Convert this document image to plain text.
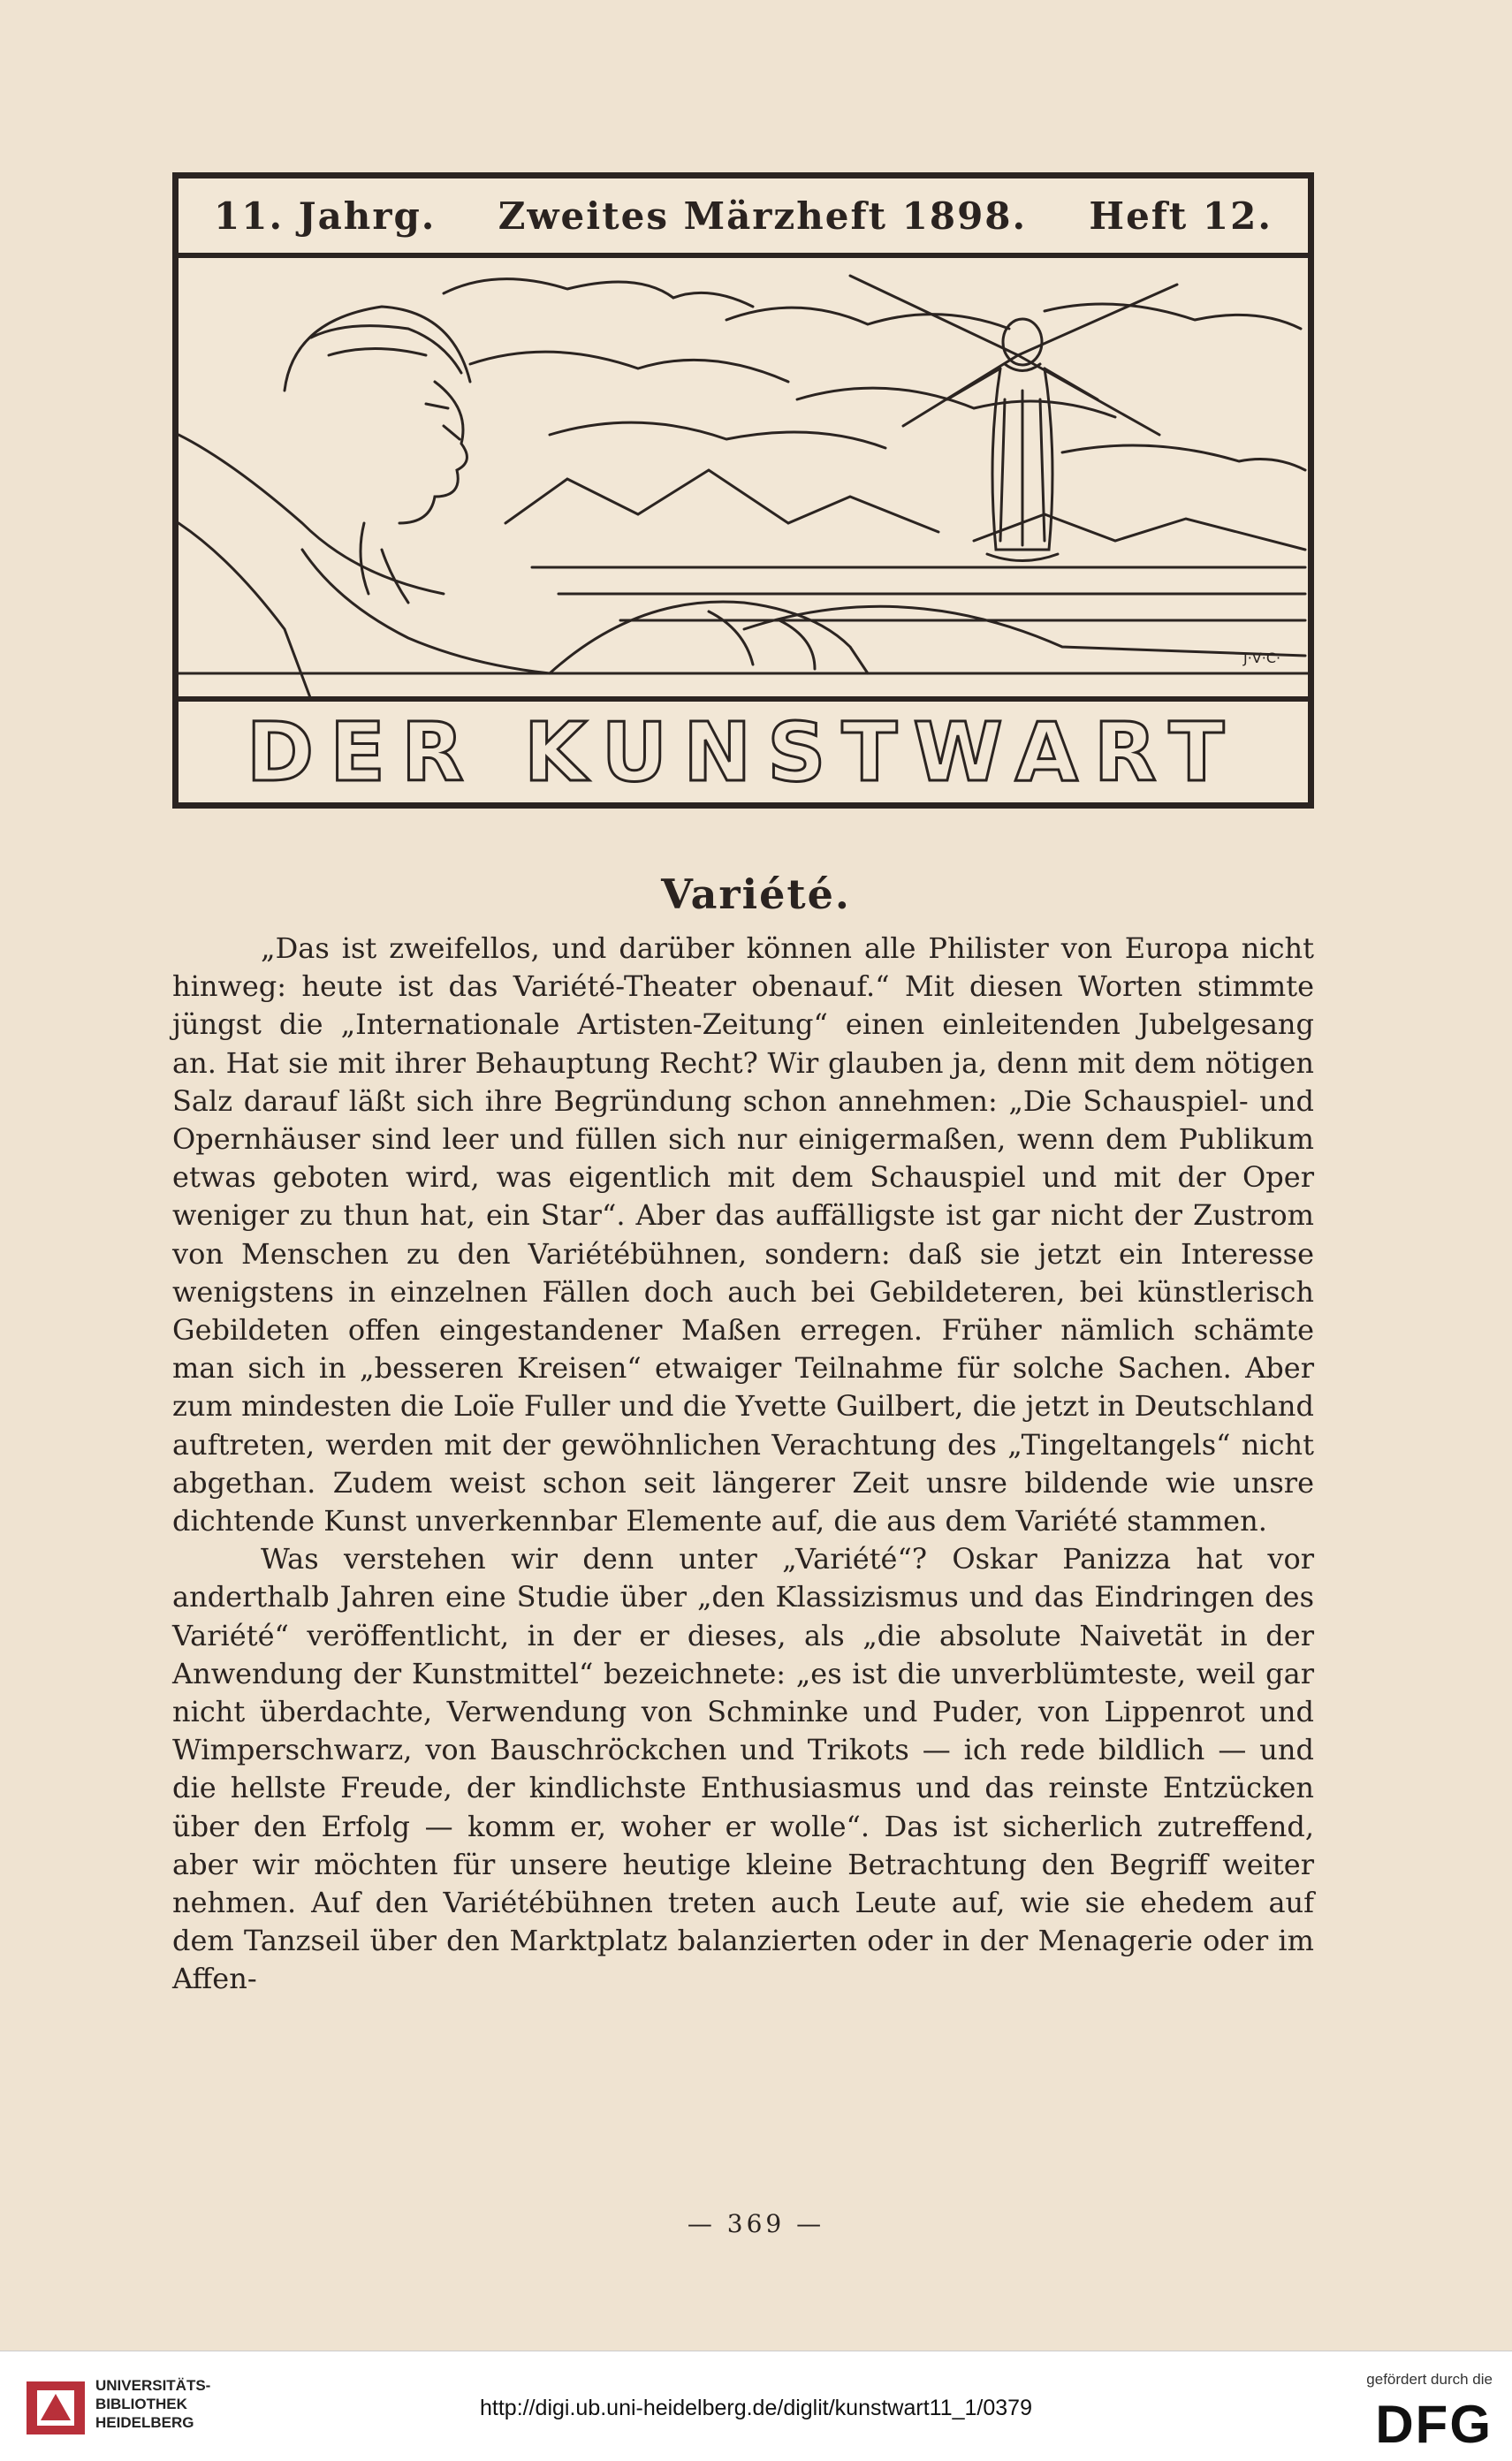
11. Jahrg. Zweites Märzheft 1898. Heft 12.
J·V·C·
DER KUNSTWART
Variété.

„Das ist zweifellos, und darüber können alle Philister von Europa nicht hinweg: heute ist das Variété-Theater obenauf.“ Mit diesen Worten stimmte jüngst die „Internationale Artisten-Zeitung“ einen einleitenden Jubelgesang an. Hat sie mit ihrer Behauptung Recht? Wir glauben ja, denn mit dem nötigen Salz darauf läßt sich ihre Begründung schon annehmen: „Die Schauspiel- und Opernhäuser sind leer und füllen sich nur einigermaßen, wenn dem Publikum etwas geboten wird, was eigentlich mit dem Schauspiel und mit der Oper weniger zu thun hat, ein Star“. Aber das auffälligste ist gar nicht der Zustrom von Menschen zu den Variétébühnen, sondern: daß sie jetzt ein Interesse wenigstens in einzelnen Fällen doch auch bei Gebildeteren, bei künstlerisch Gebildeten offen eingestandener Maßen erregen. Früher nämlich schämte man sich in „besseren Kreisen“ etwaiger Teilnahme für solche Sachen. Aber zum mindesten die Loïe Fuller und die Yvette Guilbert, die jetzt in Deutschland auftreten, werden mit der gewöhnlichen Verachtung des „Tingeltangels“ nicht abgethan. Zudem weist schon seit längerer Zeit unsre bildende wie unsre dichtende Kunst unverkennbar Elemente auf, die aus dem Variété stammen.

Was verstehen wir denn unter „Variété“? Oskar Panizza hat vor anderthalb Jahren eine Studie über „den Klassizismus und das Eindringen des Variété“ veröffentlicht, in der er dieses, als „die absolute Naivetät in der Anwendung der Kunstmittel“ bezeichnete: „es ist die unverblümteste, weil gar nicht überdachte, Verwendung von Schminke und Puder, von Lippenrot und Wimperschwarz, von Bauschröckchen und Trikots — ich rede bildlich — und die hellste Freude, der kindlichste Enthusiasmus und das reinste Entzücken über den Erfolg — komm er, woher er wolle“. Das ist sicherlich zutreffend, aber wir möchten für unsere heutige kleine Betrachtung den Begriff weiter nehmen. Auf den Variétébühnen treten auch Leute auf, wie sie ehedem auf dem Tanzseil über den Marktplatz balanzierten oder in der Menagerie oder im Affen-

— 369 —
UNIVERSITÄTS-
BIBLIOTHEK
HEIDELBERG
http://digi.ub.uni-heidelberg.de/diglit/kunstwart11_1/0379
gefördert durch die
DFG
